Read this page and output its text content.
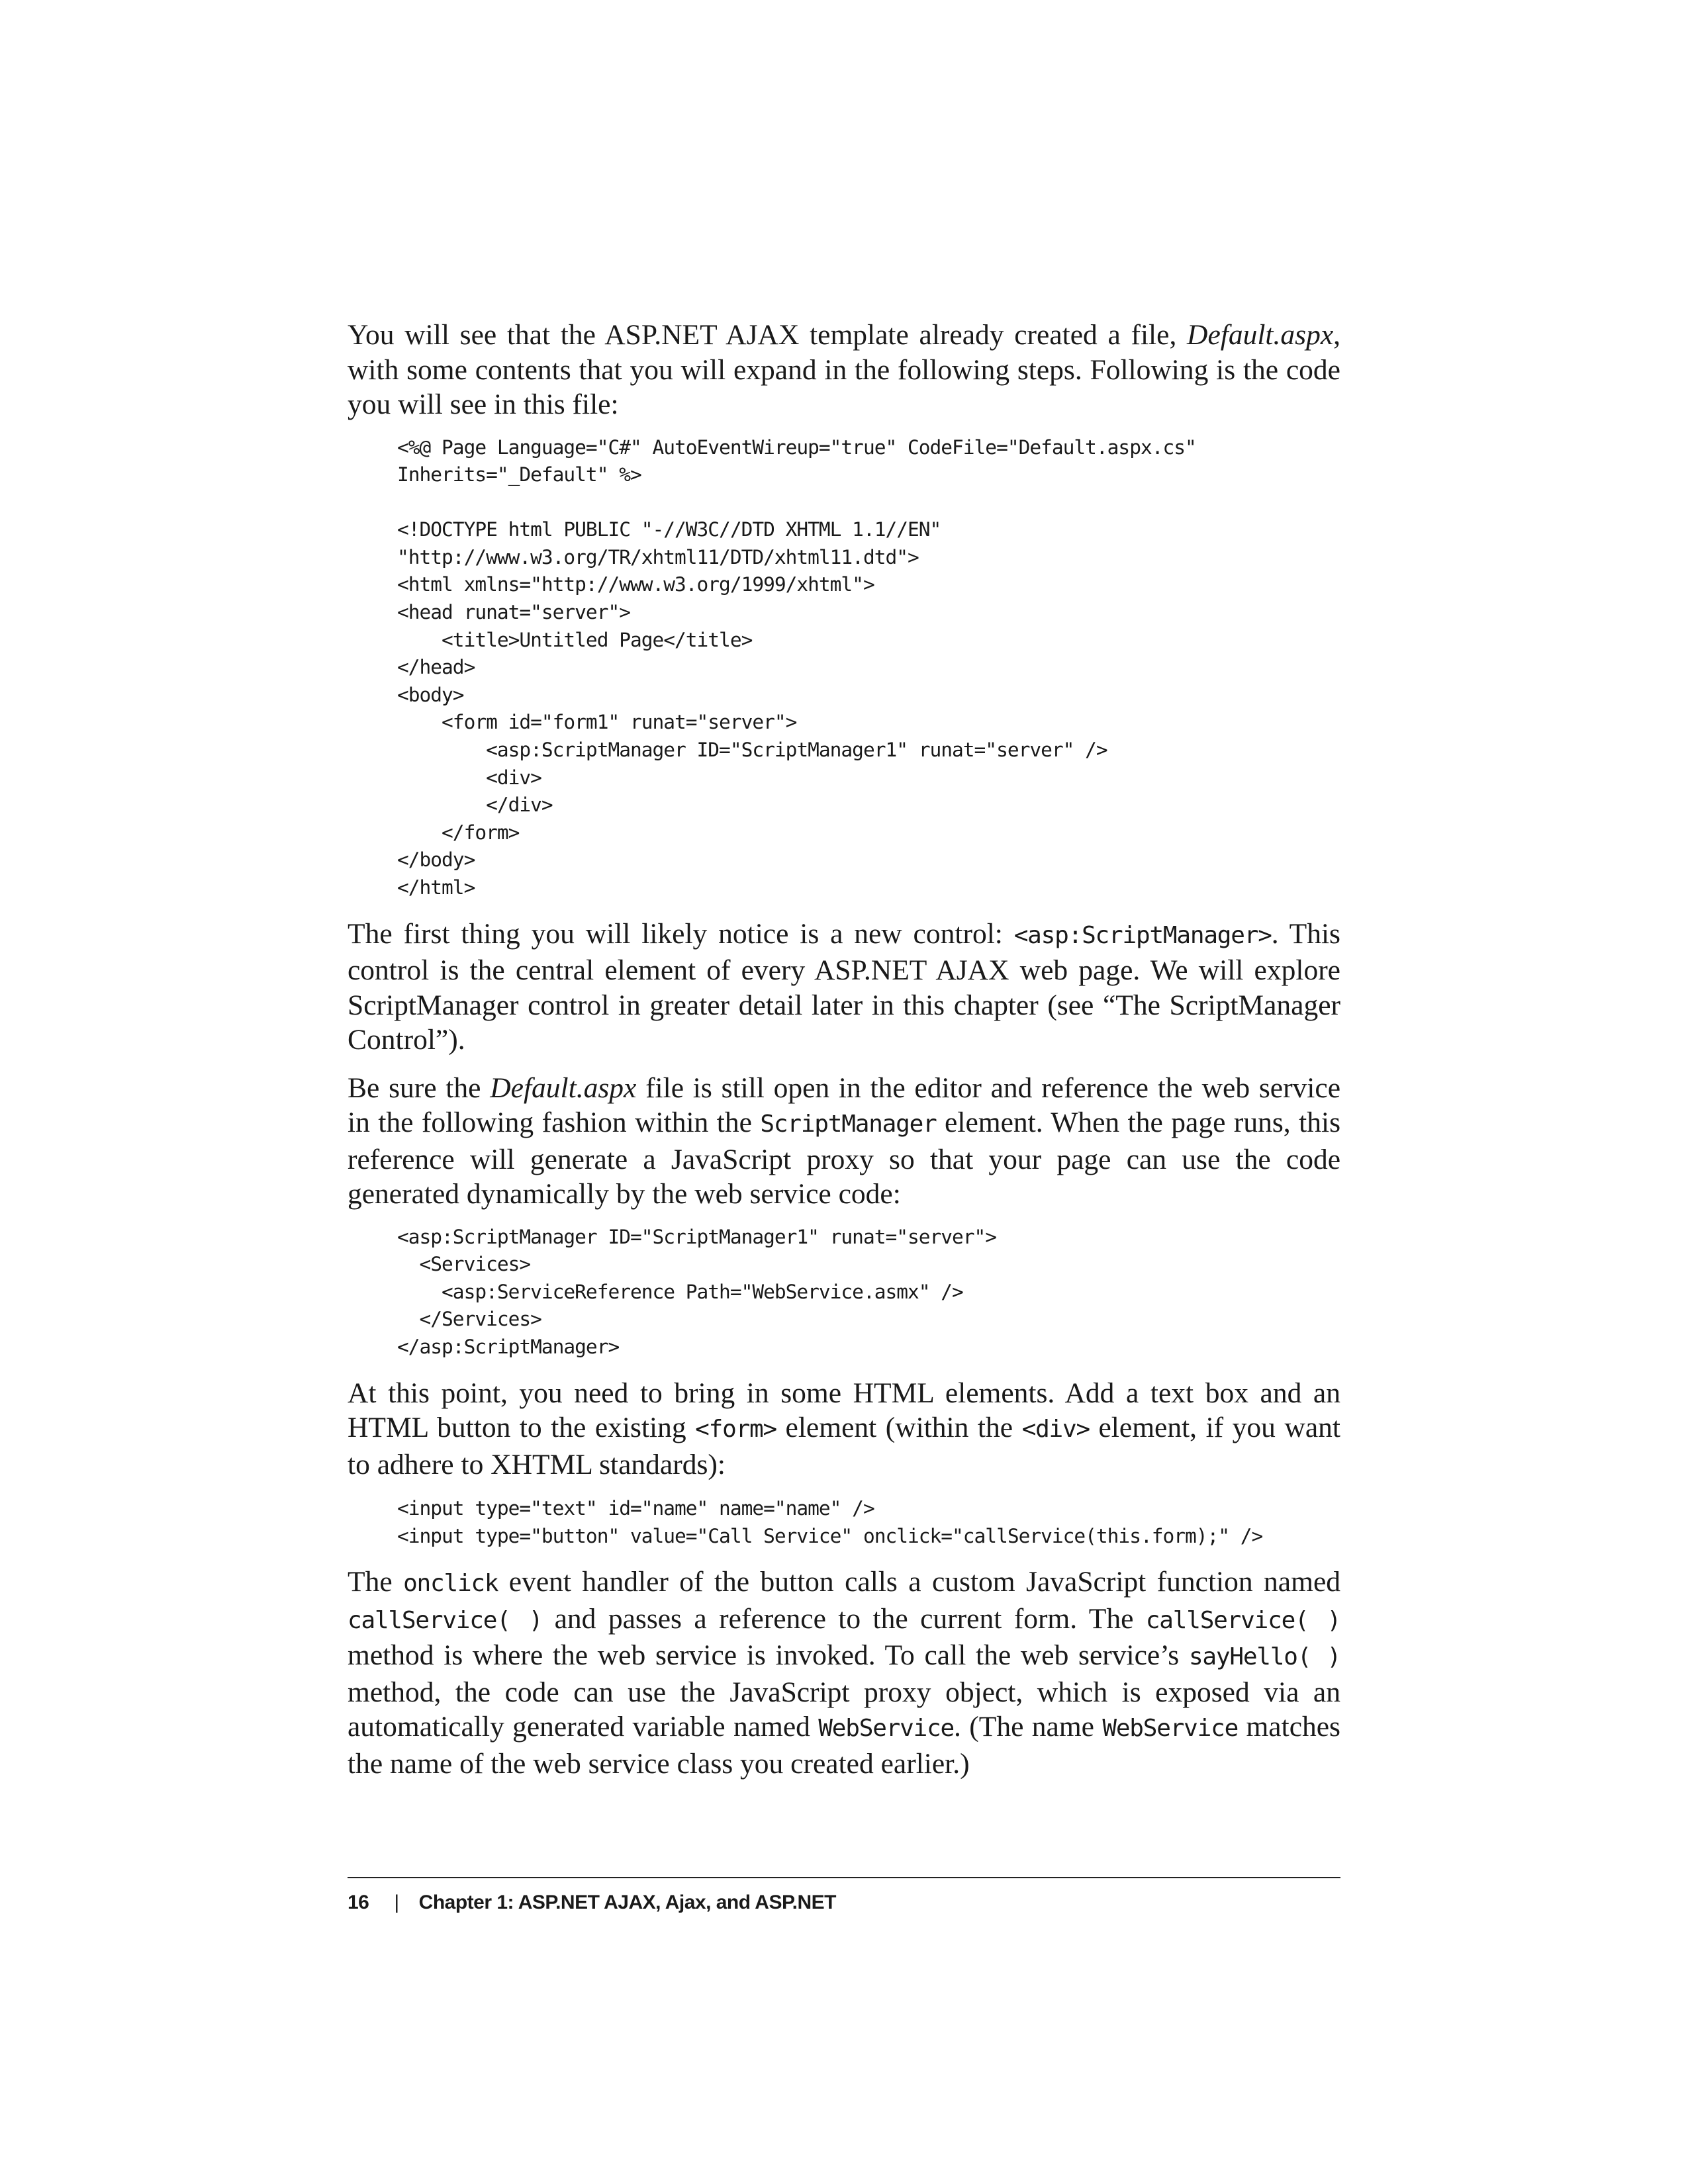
You will see that the ASP.NET AJAX template already created a file, Default.aspx, with some contents that you will expand in the following steps. Following is the code you will see in this file:

<%@ Page Language="C#" AutoEventWireup="true" CodeFile="Default.aspx.cs"
Inherits="_Default" %>

<!DOCTYPE html PUBLIC "-//W3C//DTD XHTML 1.1//EN"
"http://www.w3.org/TR/xhtml11/DTD/xhtml11.dtd">
<html xmlns="http://www.w3.org/1999/xhtml">
<head runat="server">
<title>Untitled Page</title>
</head>
<body>
<form id="form1" runat="server">
<asp:ScriptManager ID="ScriptManager1" runat="server" />
<div>
</div>
</form>
</body>
</html>

The first thing you will likely notice is a new control: <asp:ScriptManager>. This control is the central element of every ASP.NET AJAX web page. We will explore ScriptManager control in greater detail later in this chapter (see “The ScriptManager Control”).

Be sure the Default.aspx file is still open in the editor and reference the web service in the following fashion within the ScriptManager element. When the page runs, this reference will generate a JavaScript proxy so that your page can use the code generated dynamically by the web service code:

<asp:ScriptManager ID="ScriptManager1" runat="server">
<Services>
<asp:ServiceReference Path="WebService.asmx" />
</Services>
</asp:ScriptManager>

At this point, you need to bring in some HTML elements. Add a text box and an HTML button to the existing <form> element (within the <div> element, if you want to adhere to XHTML standards):

<input type="text" id="name" name="name" />
<input type="button" value="Call Service" onclick="callService(this.form);" />

The onclick event handler of the button calls a custom JavaScript function named callService( ) and passes a reference to the current form. The callService( ) method is where the web service is invoked. To call the web service’s sayHello( ) method, the code can use the JavaScript proxy object, which is exposed via an automatically generated variable named WebService. (The name WebService matches the name of the web service class you created earlier.)

16 | Chapter 1: ASP.NET AJAX, Ajax, and ASP.NET
